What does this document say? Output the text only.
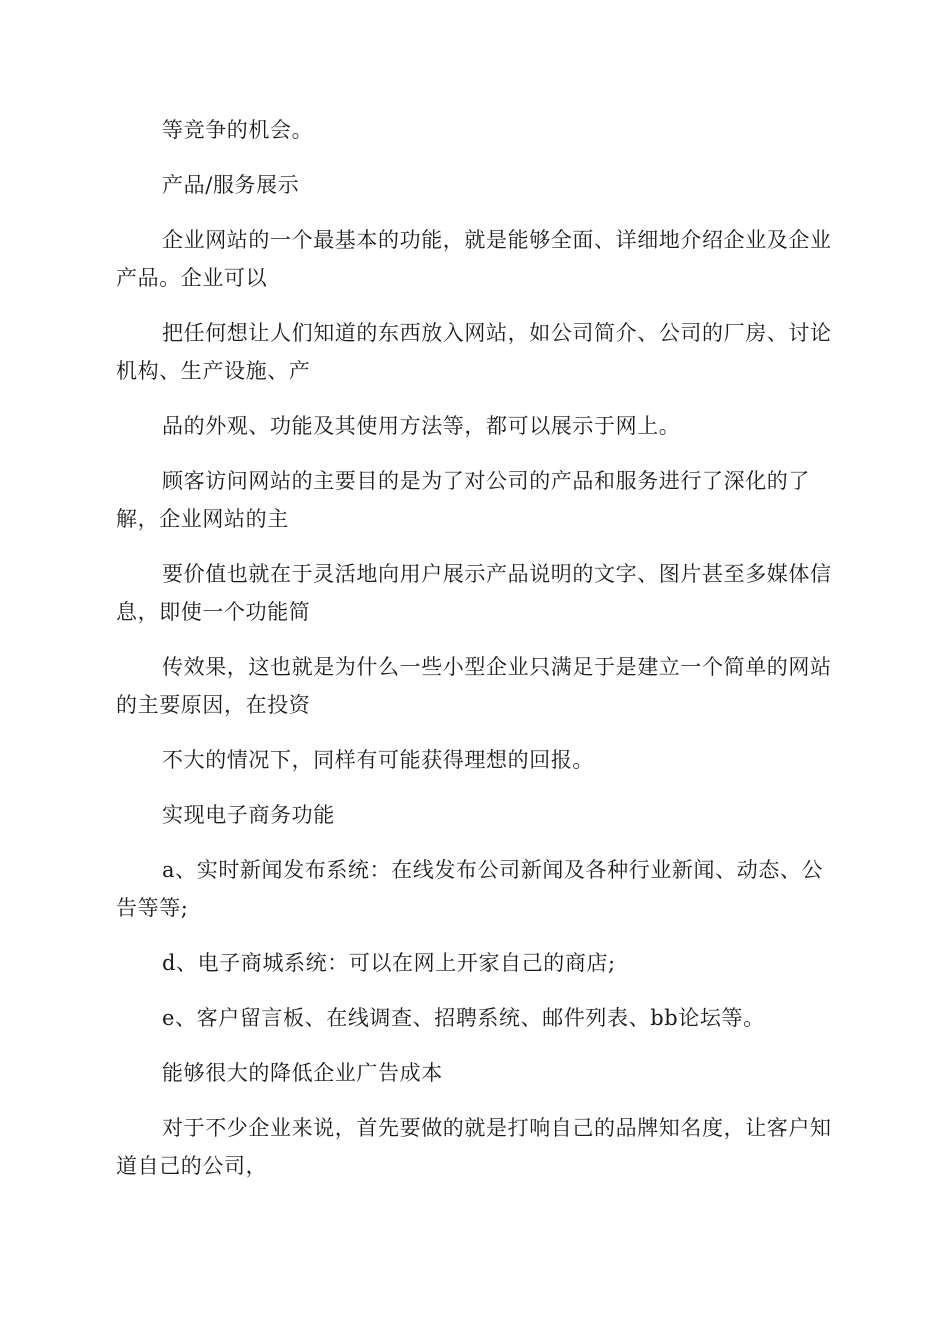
等竞争的机会。

产品/服务展示

企业网站的一个最基本的功能，就是能够全面、详细地介绍企业及企业产品。企业可以

把任何想让人们知道的东西放入网站，如公司简介、公司的厂房、讨论机构、生产设施、产

品的外观、功能及其使用方法等，都可以展示于网上。

顾客访问网站的主要目的是为了对公司的产品和服务进行了深化的了解，企业网站的主

要价值也就在于灵活地向用户展示产品说明的文字、图片甚至多媒体信息，即使一个功能简

传效果，这也就是为什么一些小型企业只满足于是建立一个简单的网站的主要原因，在投资

不大的情况下，同样有可能获得理想的回报。

实现电子商务功能

a、实时新闻发布系统：在线发布公司新闻及各种行业新闻、动态、公告等等;

d、电子商城系统：可以在网上开家自己的商店;

e、客户留言板、在线调查、招聘系统、邮件列表、bb论坛等。

能够很大的降低企业广告成本

对于不少企业来说，首先要做的就是打响自己的品牌知名度，让客户知道自己的公司，
